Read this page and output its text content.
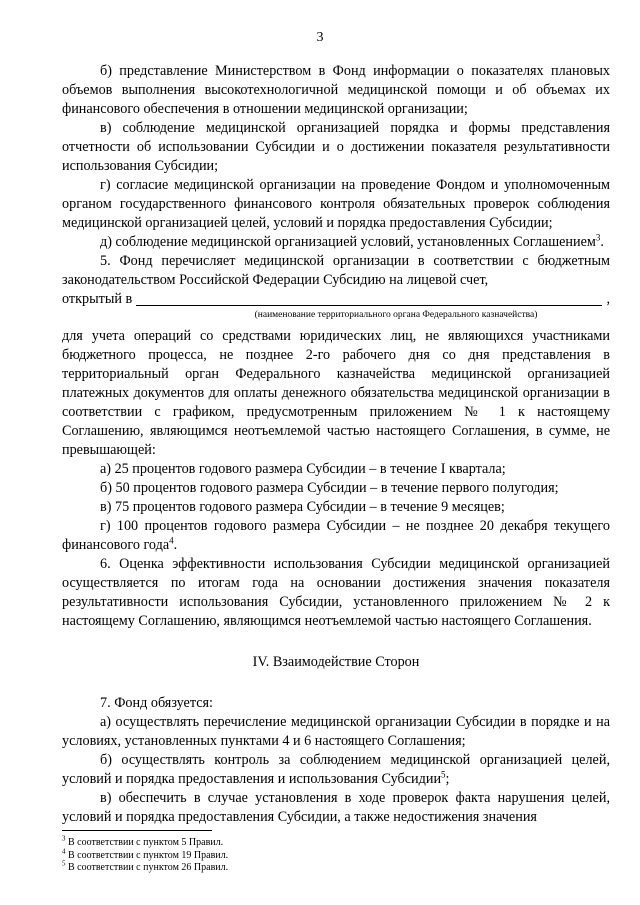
3

б) представление Министерством в Фонд информации о показателях плановых объемов выполнения высокотехнологичной медицинской помощи и об объемах их финансового обеспечения в отношении медицинской организации;

в) соблюдение медицинской организацией порядка и формы представления отчетности об использовании Субсидии и о достижении показателя результативности использования Субсидии;

г) согласие медицинской организации на проведение Фондом и уполномоченным органом государственного финансового контроля обязательных проверок соблюдения медицинской организацией целей, условий и порядка предоставления Субсидии;

д) соблюдение медицинской организацией условий, установленных Соглашением$^3$.

5. Фонд перечисляет медицинской организации в соответствии с бюджетным законодательством Российской Федерации Субсидию на лицевой счет,

открытый в	,
(наименование территориального органа Федерального казначейства)

для учета операций со средствами юридических лиц, не являющихся участниками бюджетного процесса, не позднее 2-го рабочего дня со дня представления в территориальный орган Федерального казначейства медицинской организацией платежных документов для оплаты денежного обязательства медицинской организации в соответствии с графиком, предусмотренным приложением № 1 к настоящему Соглашению, являющимся неотъемлемой частью настоящего Соглашения, в сумме, не превышающей:

а) 25 процентов годового размера Субсидии – в течение I квартала;

б) 50 процентов годового размера Субсидии – в течение первого полугодия;

в) 75 процентов годового размера Субсидии – в течение 9 месяцев;

г) 100 процентов годового размера Субсидии – не позднее 20 декабря текущего финансового года$^4$.

6. Оценка эффективности использования Субсидии медицинской организацией осуществляется по итогам года на основании достижения значения показателя результативности использования Субсидии, установленного приложением № 2 к настоящему Соглашению, являющимся неотъемлемой частью настоящего Соглашения.

IV. Взаимодействие Сторон

7. Фонд обязуется:

а) осуществлять перечисление медицинской организации Субсидии в порядке и на условиях, установленных пунктами 4 и 6 настоящего Соглашения;

б) осуществлять контроль за соблюдением медицинской организацией целей, условий и порядка предоставления и использования Субсидии$^5$;

в) обеспечить в случае установления в ходе проверок факта нарушения целей, условий и порядка предоставления Субсидии, а также недостижения значения

$^3$ В соответствии с пунктом 5 Правил.
$^4$ В соответствии с пунктом 19 Правил.
$^5$ В соответствии с пунктом 26 Правил.
